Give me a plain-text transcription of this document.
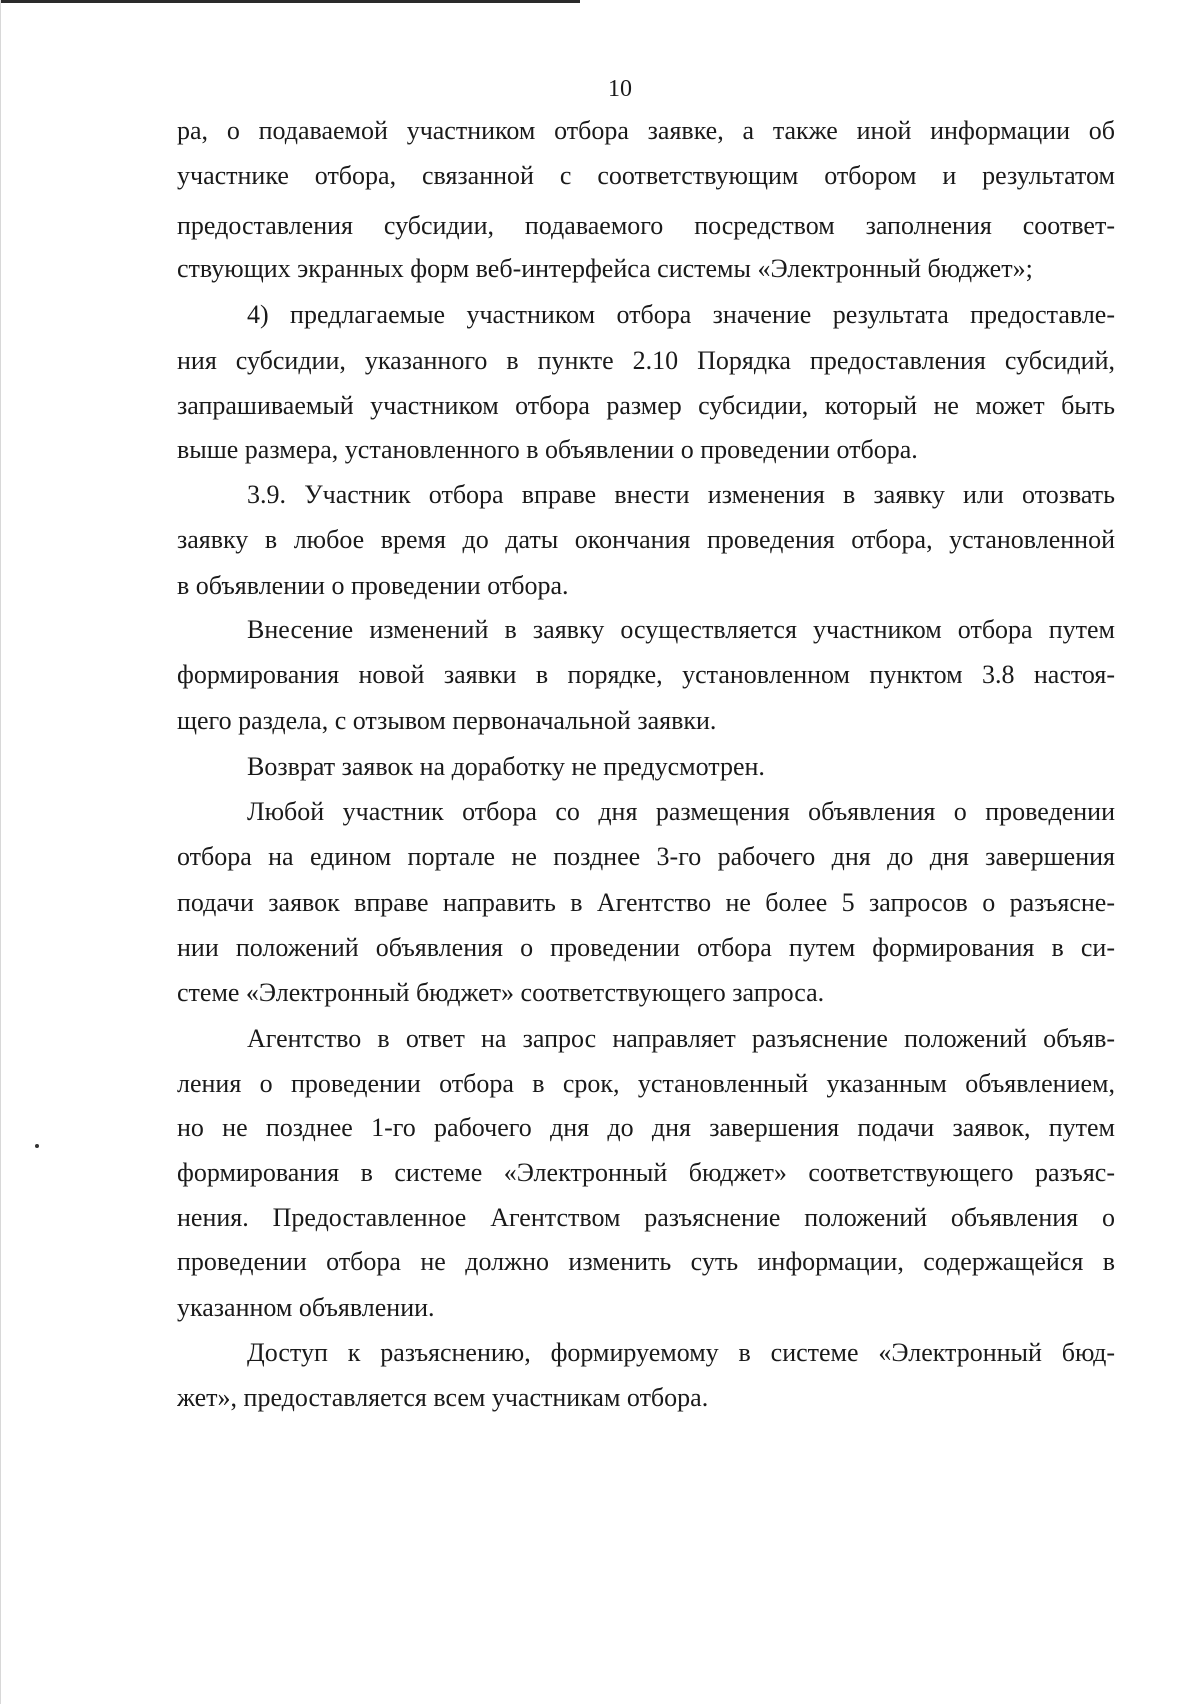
10
ра, о подаваемой участником отбора заявке, а также иной информации об
участнике отбора, связанной с соответствующим отбором и результатом
предоставления субсидии, подаваемого посредством заполнения соответ-
ствующих экранных форм веб-интерфейса системы «Электронный бюджет»;
4) предлагаемые участником отбора значение результата предоставле-
ния субсидии, указанного в пункте 2.10 Порядка предоставления субсидий,
запрашиваемый участником отбора размер субсидии, который не может быть
выше размера, установленного в объявлении о проведении отбора.
3.9. Участник отбора вправе внести изменения в заявку или отозвать
заявку в любое время до даты окончания проведения отбора, установленной
в объявлении о проведении отбора.
Внесение изменений в заявку осуществляется участником отбора путем
формирования новой заявки в порядке, установленном пунктом 3.8 настоя-
щего раздела, с отзывом первоначальной заявки.
Возврат заявок на доработку не предусмотрен.
Любой участник отбора со дня размещения объявления о проведении
отбора на едином портале не позднее 3-го рабочего дня до дня завершения
подачи заявок вправе направить в Агентство не более 5 запросов о разъясне-
нии положений объявления о проведении отбора путем формирования в си-
стеме «Электронный бюджет» соответствующего запроса.
Агентство в ответ на запрос направляет разъяснение положений объяв-
ления о проведении отбора в срок, установленный указанным объявлением,
но не позднее 1-го рабочего дня до дня завершения подачи заявок, путем
формирования в системе «Электронный бюджет» соответствующего разъяс-
нения. Предоставленное Агентством разъяснение положений объявления о
проведении отбора не должно изменить суть информации, содержащейся в
указанном объявлении.
Доступ к разъяснению, формируемому в системе «Электронный бюд-
жет», предоставляется всем участникам отбора.
